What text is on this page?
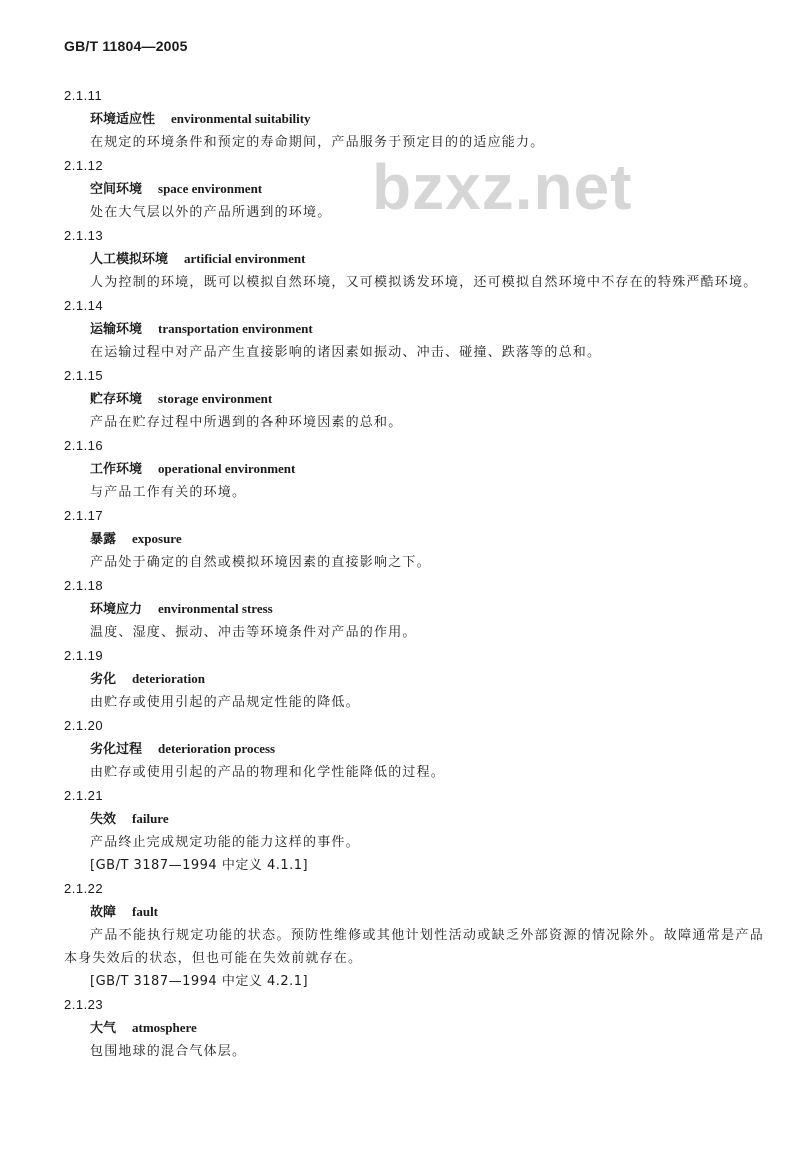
GB/T 11804—2005
bzxz.net
2.1.11
环境适应性 environmental suitability
在规定的环境条件和预定的寿命期间，产品服务于预定目的的适应能力。
2.1.12
空间环境 space environment
处在大气层以外的产品所遇到的环境。
2.1.13
人工模拟环境 artificial environment
人为控制的环境，既可以模拟自然环境，又可模拟诱发环境，还可模拟自然环境中不存在的特殊严酷环境。
2.1.14
运输环境 transportation environment
在运输过程中对产品产生直接影响的诸因素如振动、冲击、碰撞、跌落等的总和。
2.1.15
贮存环境 storage environment
产品在贮存过程中所遇到的各种环境因素的总和。
2.1.16
工作环境 operational environment
与产品工作有关的环境。
2.1.17
暴露 exposure
产品处于确定的自然或模拟环境因素的直接影响之下。
2.1.18
环境应力 environmental stress
温度、湿度、振动、冲击等环境条件对产品的作用。
2.1.19
劣化 deterioration
由贮存或使用引起的产品规定性能的降低。
2.1.20
劣化过程 deterioration process
由贮存或使用引起的产品的物理和化学性能降低的过程。
2.1.21
失效 failure
产品终止完成规定功能的能力这样的事件。
[GB/T 3187—1994 中定义 4.1.1]
2.1.22
故障 fault
产品不能执行规定功能的状态。预防性维修或其他计划性活动或缺乏外部资源的情况除外。故障通常是产品本身失效后的状态，但也可能在失效前就存在。
[GB/T 3187—1994 中定义 4.2.1]
2.1.23
大气 atmosphere
包围地球的混合气体层。
